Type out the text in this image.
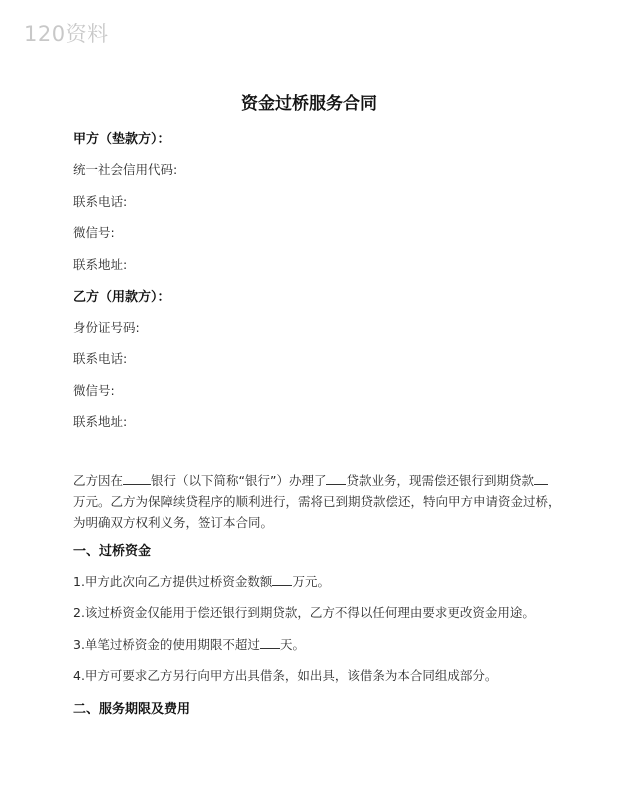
120资料
资金过桥服务合同
甲方（垫款方）：
统一社会信用代码:
联系电话:
微信号:
联系地址:
乙方（用款方）：
身份证号码:
联系电话:
微信号:
联系地址:
乙方因在 银行（以下简称“银行”）办理了 贷款业务，现需偿还银行到期贷款
万元。乙方为保障续贷程序的顺利进行，需将已到期贷款偿还，特向甲方申请资金过桥，
为明确双方权利义务，签订本合同。
一、过桥资金
1.甲方此次向乙方提供过桥资金数额 万元。
2.该过桥资金仅能用于偿还银行到期贷款，乙方不得以任何理由要求更改资金用途。
3.单笔过桥资金的使用期限不超过 天。
4.甲方可要求乙方另行向甲方出具借条，如出具，该借条为本合同组成部分。
二、服务期限及费用
